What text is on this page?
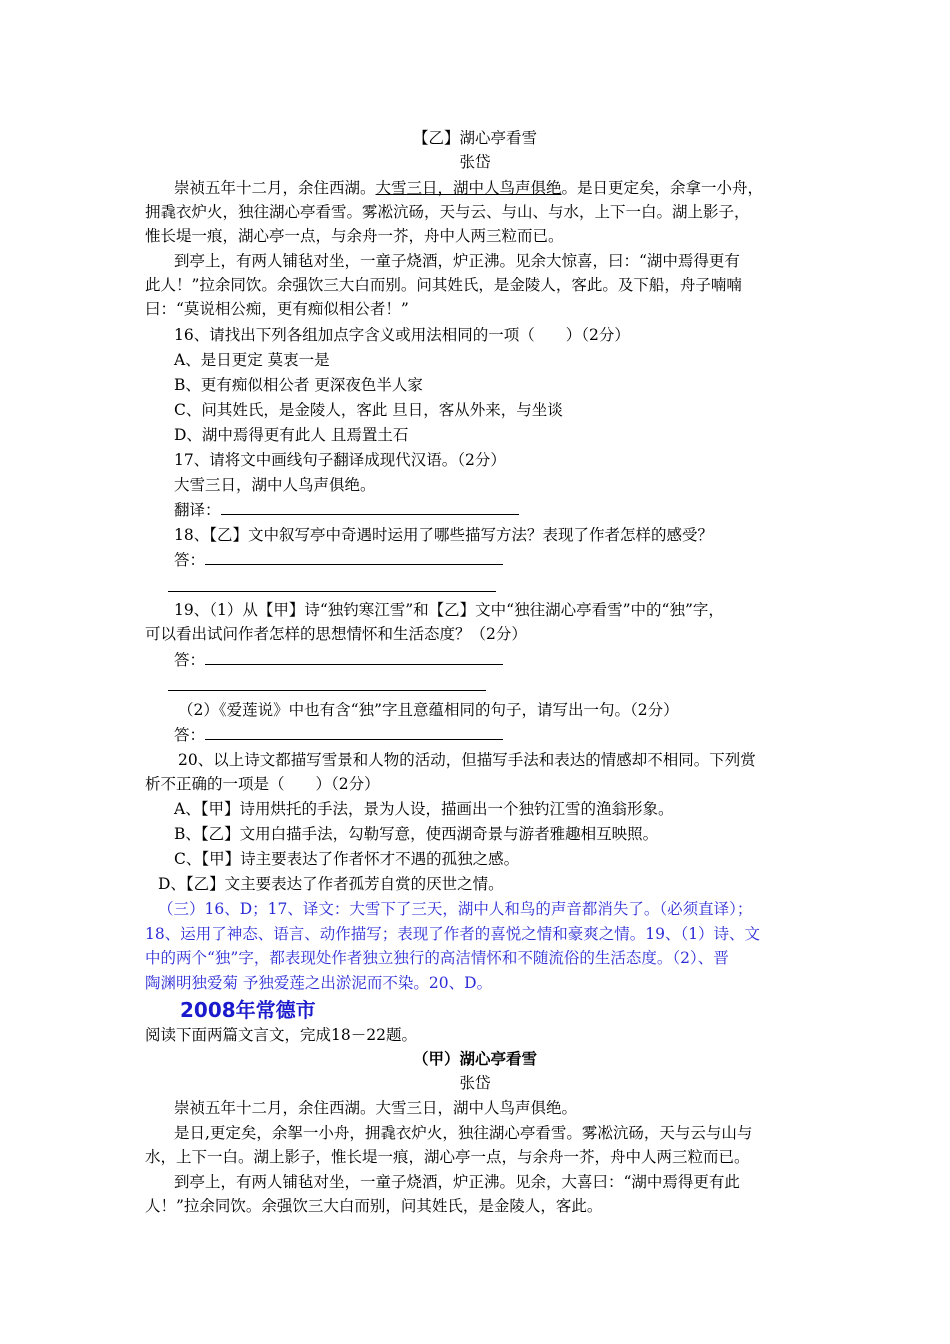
【乙】湖心亭看雪
张岱
崇祯五年十二月，余住西湖。大雪三日，湖中人鸟声俱绝。是日更定矣，余拿一小舟，
拥毳衣炉火，独往湖心亭看雪。雾凇沆砀，天与云、与山、与水，上下一白。湖上影子，
惟长堤一痕，湖心亭一点，与余舟一芥，舟中人两三粒而已。
到亭上，有两人铺毡对坐，一童子烧酒，炉正沸。见余大惊喜，曰：“湖中焉得更有
此人！”拉余同饮。余强饮三大白而别。问其姓氏，是金陵人，客此。及下船，舟子喃喃
曰：“莫说相公痴，更有痴似相公者！”
16、请找出下列各组加点字含义或用法相同的一项（　　）（2分）
A、是日更定 莫衷一是
B、更有痴似相公者 更深夜色半人家
C、问其姓氏，是金陵人，客此 旦日，客从外来，与坐谈
D、湖中焉得更有此人 且焉置土石
17、请将文中画线句子翻译成现代汉语。（2分）
大雪三日，湖中人鸟声俱绝。
翻译：
18、【乙】文中叙写亭中奇遇时运用了哪些描写方法？表现了作者怎样的感受？
答：
19、（1）从【甲】诗“独钓寒江雪”和【乙】文中“独往湖心亭看雪”中的“独”字，
可以看出试问作者怎样的思想情怀和生活态度？（2分）
答：
（2）《爱莲说》中也有含“独”字且意蕴相同的句子，请写出一句。（2分）
答：
20、以上诗文都描写雪景和人物的活动，但描写手法和表达的情感却不相同。下列赏
析不正确的一项是（　　）（2分）
A、【甲】诗用烘托的手法，景为人设，描画出一个独钓江雪的渔翁形象。
B、【乙】文用白描手法，勾勒写意，使西湖奇景与游者雅趣相互映照。
C、【甲】诗主要表达了作者怀才不遇的孤独之感。
D、【乙】文主要表达了作者孤芳自赏的厌世之情。
（三）16、D；17、译文：大雪下了三天，湖中人和鸟的声音都消失了。（必须直译）；
18、运用了神态、语言、动作描写；表现了作者的喜悦之情和豪爽之情。19、（1）诗、文
中的两个“独”字，都表现处作者独立独行的高洁情怀和不随流俗的生活态度。（2）、晋
陶渊明独爱菊 予独爱莲之出淤泥而不染。20、D。
2008年常德市
阅读下面两篇文言文，完成18－22题。
（甲）湖心亭看雪
张岱
崇祯五年十二月，余住西湖。大雪三日，湖中人鸟声俱绝。
是日,更定矣，余挐一小舟，拥毳衣炉火，独往湖心亭看雪。雾凇沆砀，天与云与山与
水，上下一白。湖上影子，惟长堤一痕，湖心亭一点，与余舟一芥，舟中人两三粒而已。
到亭上，有两人铺毡对坐，一童子烧酒，炉正沸。见余，大喜曰：“湖中焉得更有此
人！”拉余同饮。余强饮三大白而别，问其姓氏，是金陵人，客此。
